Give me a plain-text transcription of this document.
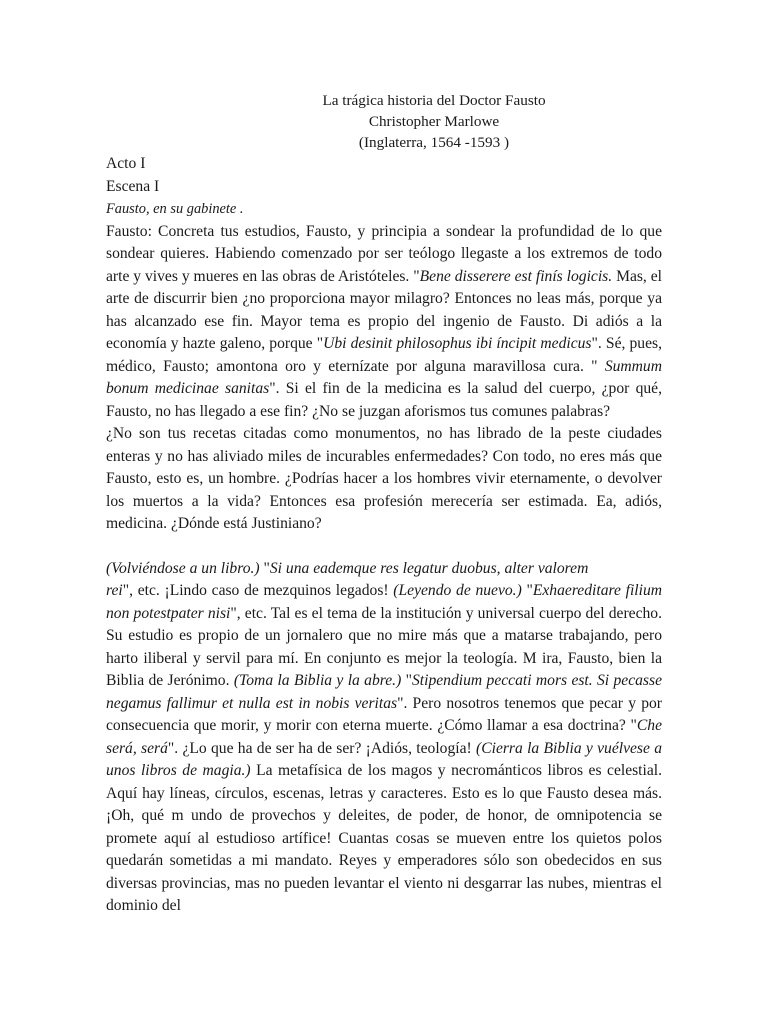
La trágica historia del Doctor Fausto
Christopher Marlowe
(Inglaterra, 1564 -1593 )
Acto I
Escena I
Fausto, en su gabinete .

Fausto: Concreta tus estudios, Fausto, y principia a sondear la profundidad de lo que sondear quieres. Habiendo comenzado por ser teólogo llegaste a los extremos de todo arte y vives y mueres en las obras de Aristóteles. "Bene disserere est finís logicis. Mas, el arte de discurrir bien ¿no proporciona mayor milagro? Entonces no leas más, porque ya has alcanzado ese fin. Mayor tema es propio del ingenio de Fausto. Di adiós a la economía y hazte galeno, porque "Ubi desinit philosophus ibi íncipit medicus". Sé, pues, médico, Fausto; amontona oro y eternízate por alguna maravillosa cura. " Summum bonum medicinae sanitas". Si el fin de la medicina es la salud del cuerpo, ¿por qué, Fausto, no has llegado a ese fin? ¿No se juzgan aforismos tus comunes palabras?

¿No son tus recetas citadas como monumentos, no has librado de la peste ciudades enteras y no has aliviado miles de incurables enfermedades? Con todo, no eres más que Fausto, esto es, un hombre. ¿Podrías hacer a los hombres vivir eternamente, o devolver los muertos a la vida? Entonces esa profesión merecería ser estimada. Ea, adiós, medicina. ¿Dónde está Justiniano?

(Volviéndose a un libro.) "Si una eademque res legatur duobus, alter valorem

rei", etc. ¡Lindo caso de mezquinos legados! (Leyendo de nuevo.) "Exhaereditare filium non potestpater nisi", etc. Tal es el tema de la institución y universal cuerpo del derecho. Su estudio es propio de un jornalero que no mire más que a matarse trabajando, pero harto iliberal y servil para mí. En conjunto es mejor la teología. M ira, Fausto, bien la Biblia de Jerónimo. (Toma la Biblia y la abre.) "Stipendium peccati mors est. Si pecasse negamus fallimur et nulla est in nobis veritas". Pero nosotros tenemos que pecar y por consecuencia que morir, y morir con eterna muerte. ¿Cómo llamar a esa doctrina? "Che será, será". ¿Lo que ha de ser ha de ser? ¡Adiós, teología! (Cierra la Biblia y vuélvese a unos libros de magia.) La metafísica de los magos y necrománticos libros es celestial. Aquí hay líneas, círculos, escenas, letras y caracteres. Esto es lo que Fausto desea más. ¡Oh, qué m undo de provechos y deleites, de poder, de honor, de omnipotencia se promete aquí al estudioso artífice! Cuantas cosas se mueven entre los quietos polos quedarán sometidas a mi mandato. Reyes y emperadores sólo son obedecidos en sus diversas provincias, mas no pueden levantar el viento ni desgarrar las nubes, mientras el dominio del
